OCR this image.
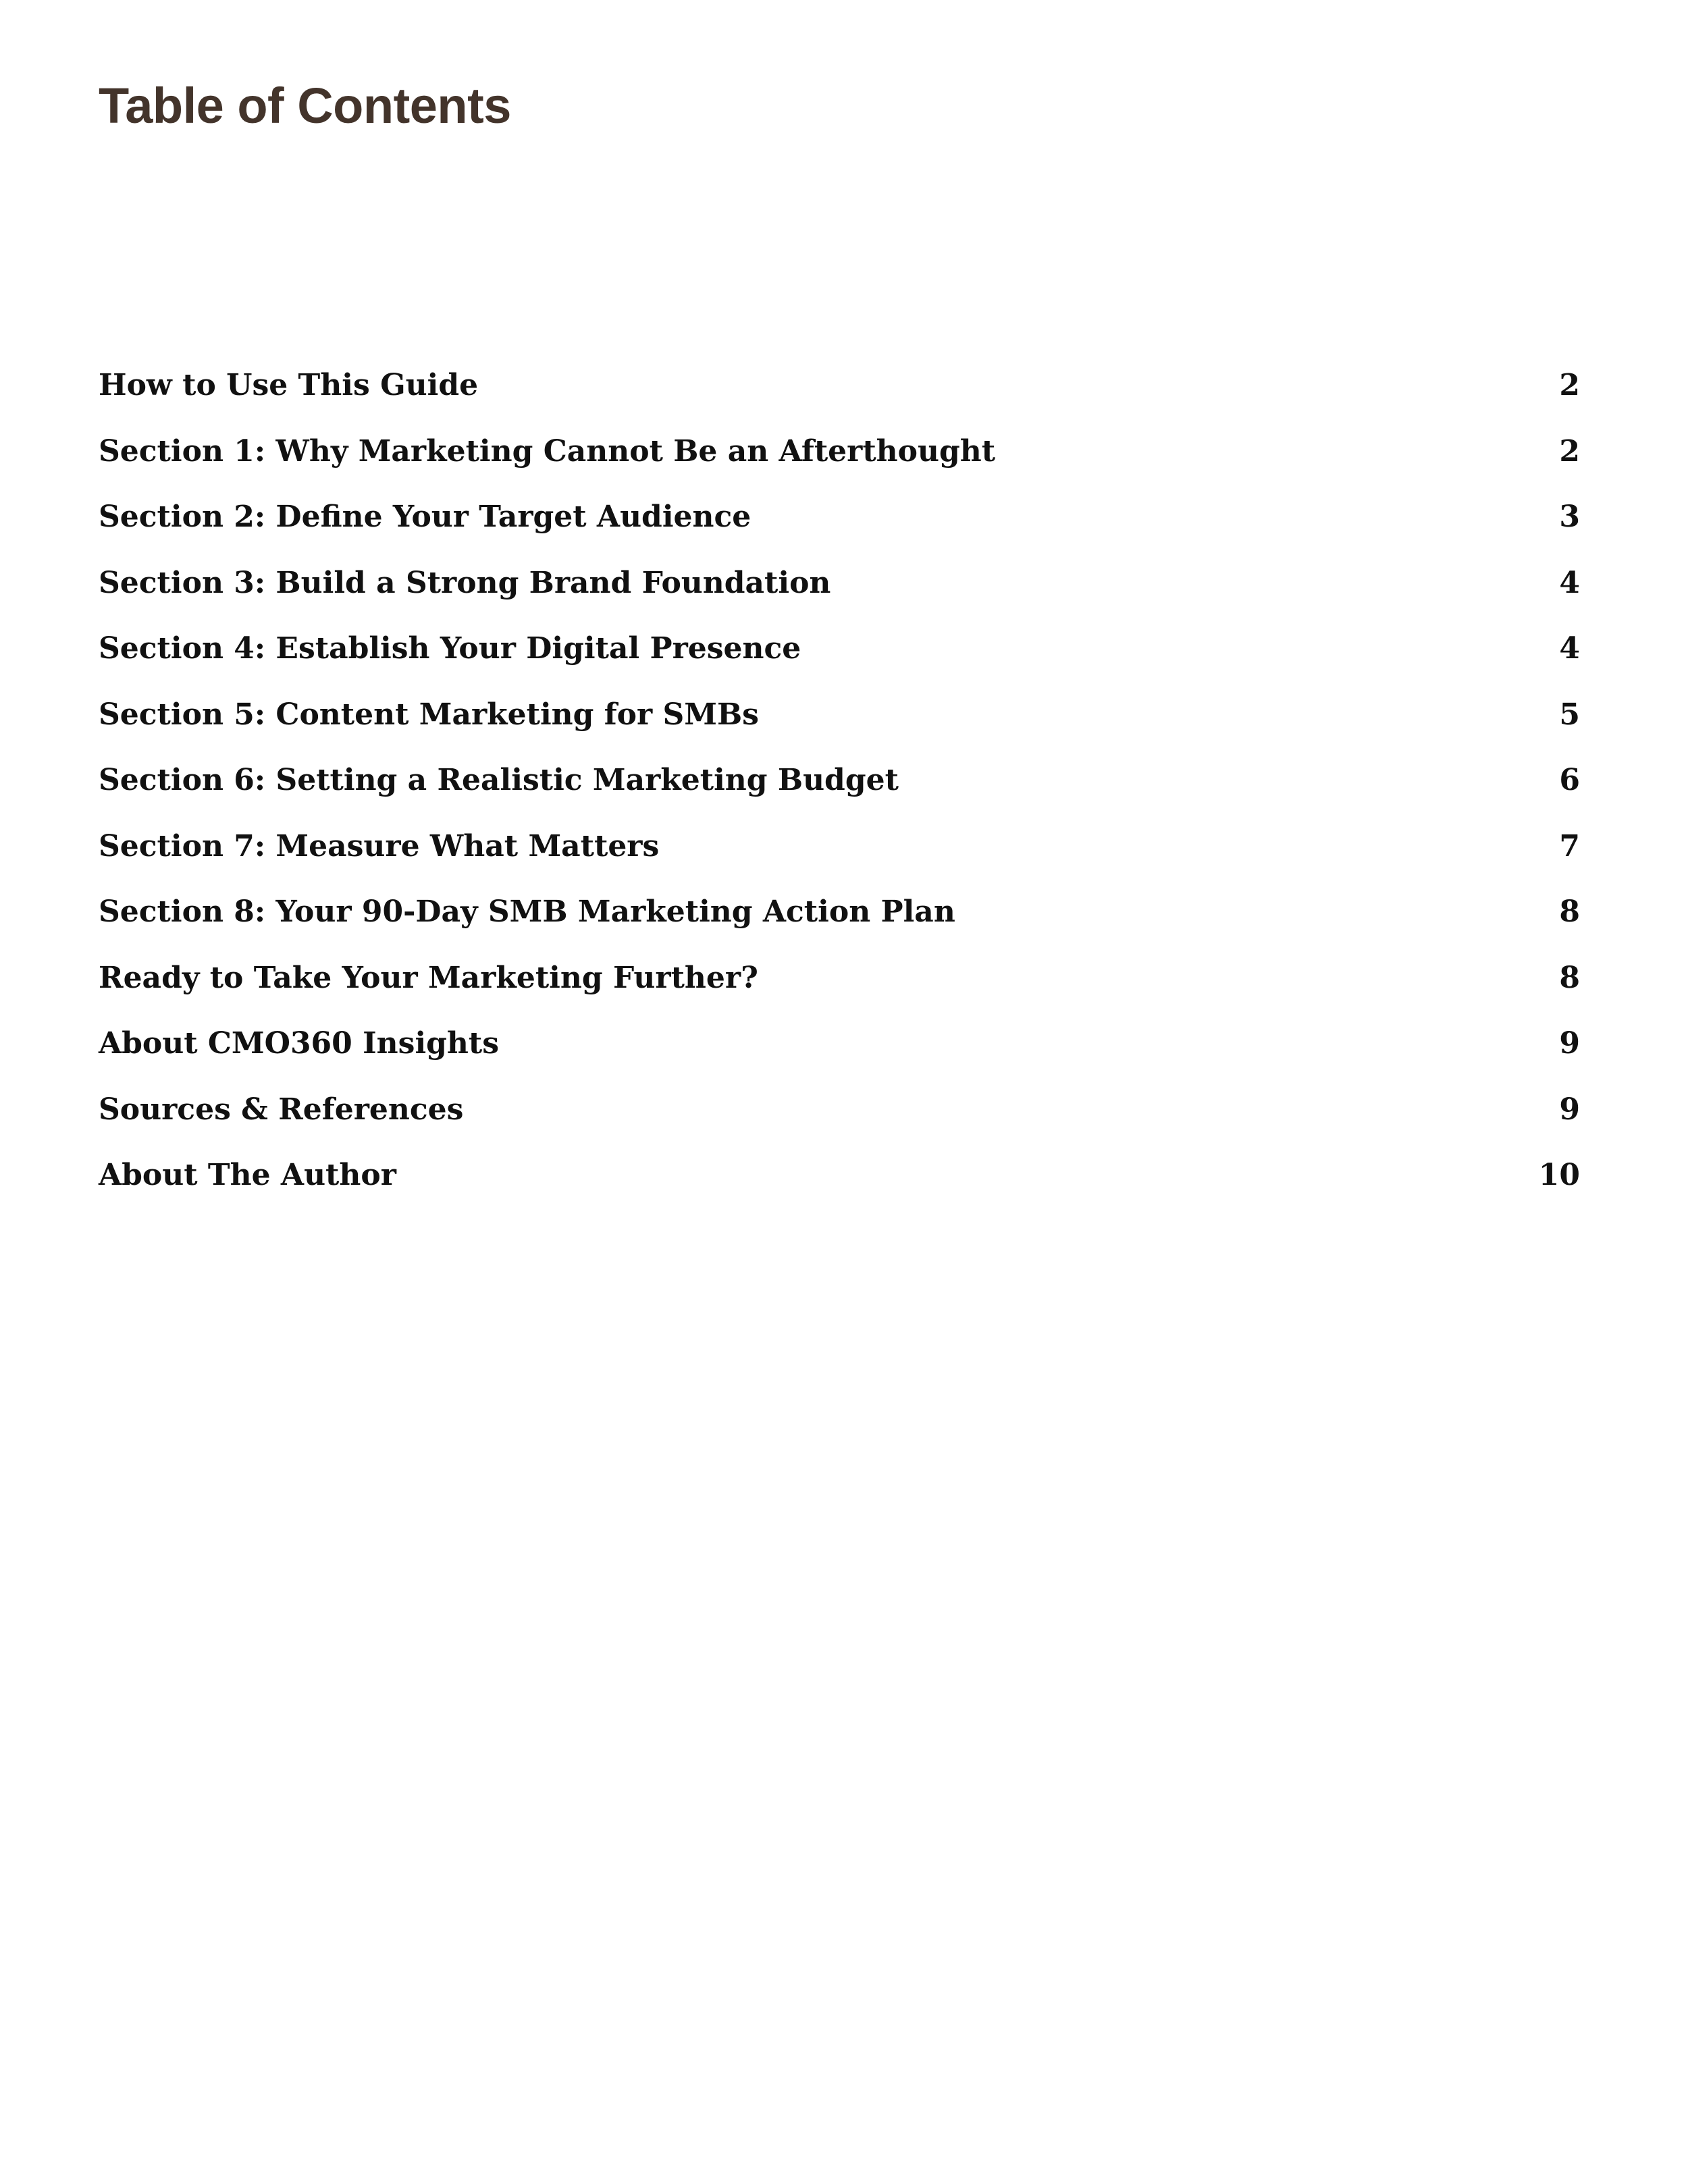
Table of Contents
How to Use This Guide	2
Section 1: Why Marketing Cannot Be an Afterthought	2
Section 2: Define Your Target Audience	3
Section 3: Build a Strong Brand Foundation	4
Section 4: Establish Your Digital Presence	4
Section 5: Content Marketing for SMBs	5
Section 6: Setting a Realistic Marketing Budget	6
Section 7: Measure What Matters	7
Section 8: Your 90-Day SMB Marketing Action Plan	8
Ready to Take Your Marketing Further?	8
About CMO360 Insights	9
Sources & References	9
About The Author	10
